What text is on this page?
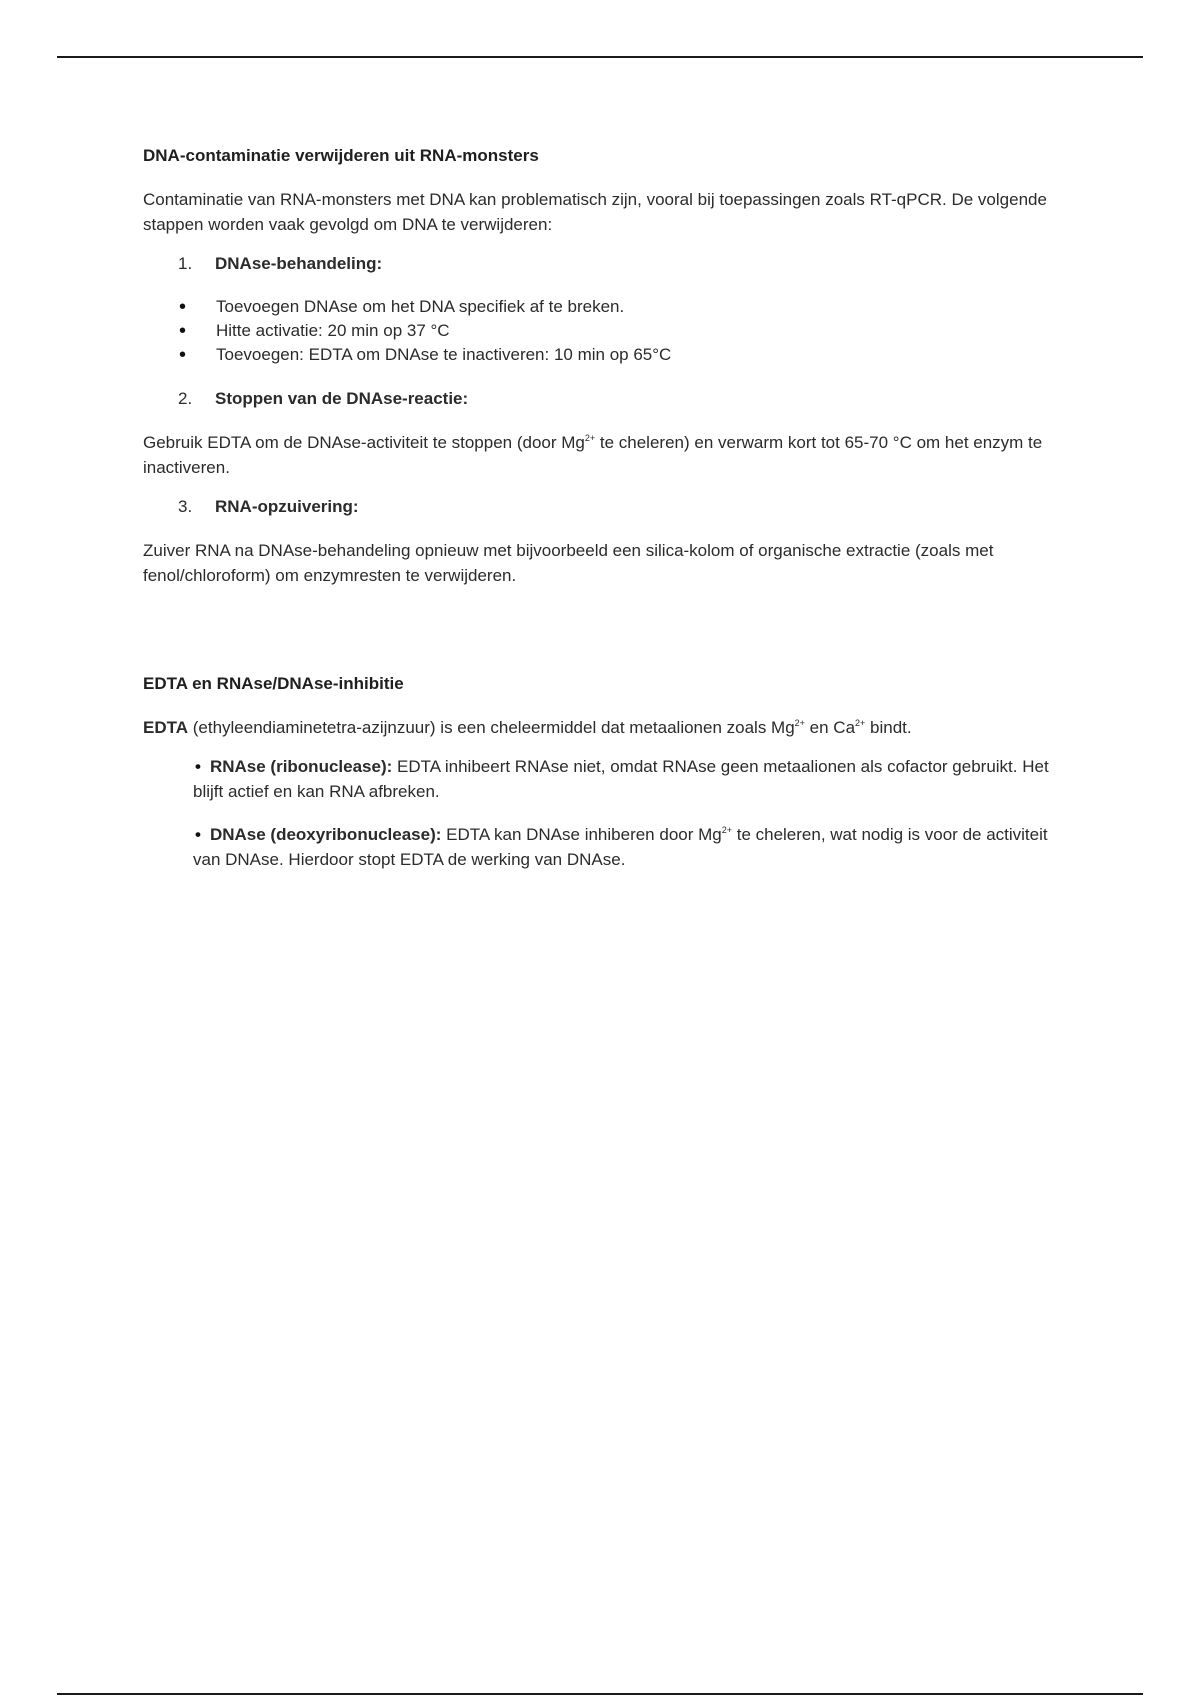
DNA-contaminatie verwijderen uit RNA-monsters

Contaminatie van RNA-monsters met DNA kan problematisch zijn, vooral bij toepassingen zoals RT-qPCR. De volgende stappen worden vaak gevolgd om DNA te verwijderen:

1. DNAse-behandeling:
• Toevoegen DNAse om het DNA specifiek af te breken.
• Hitte activatie: 20 min op 37 °C
• Toevoegen: EDTA om DNAse te inactiveren: 10 min op 65°C
2. Stoppen van de DNAse-reactie:

Gebruik EDTA om de DNAse-activiteit te stoppen (door $Mg^{2+}$ te cheleren) en verwarm kort tot 65-70 °C om het enzym te inactiveren.

3. RNA-opzuivering:

Zuiver RNA na DNAse-behandeling opnieuw met bijvoorbeeld een silica-kolom of organische extractie (zoals met fenol/chloroform) om enzymresten te verwijderen.

EDTA en RNAse/DNAse-inhibitie

EDTA (ethyleendiaminetetra-azijnzuur) is een cheleermiddel dat metaalionen zoals $Mg^{2+}$ en $Ca^{2+}$ bindt.

• RNAse (ribonuclease): EDTA inhibeert RNAse niet, omdat RNAse geen metaalionen als cofactor gebruikt. Het blijft actief en kan RNA afbreken.
• DNAse (deoxyribonuclease): EDTA kan DNAse inhiberen door $Mg^{2+}$ te cheleren, wat nodig is voor de activiteit van DNAse. Hierdoor stopt EDTA de werking van DNAse.
